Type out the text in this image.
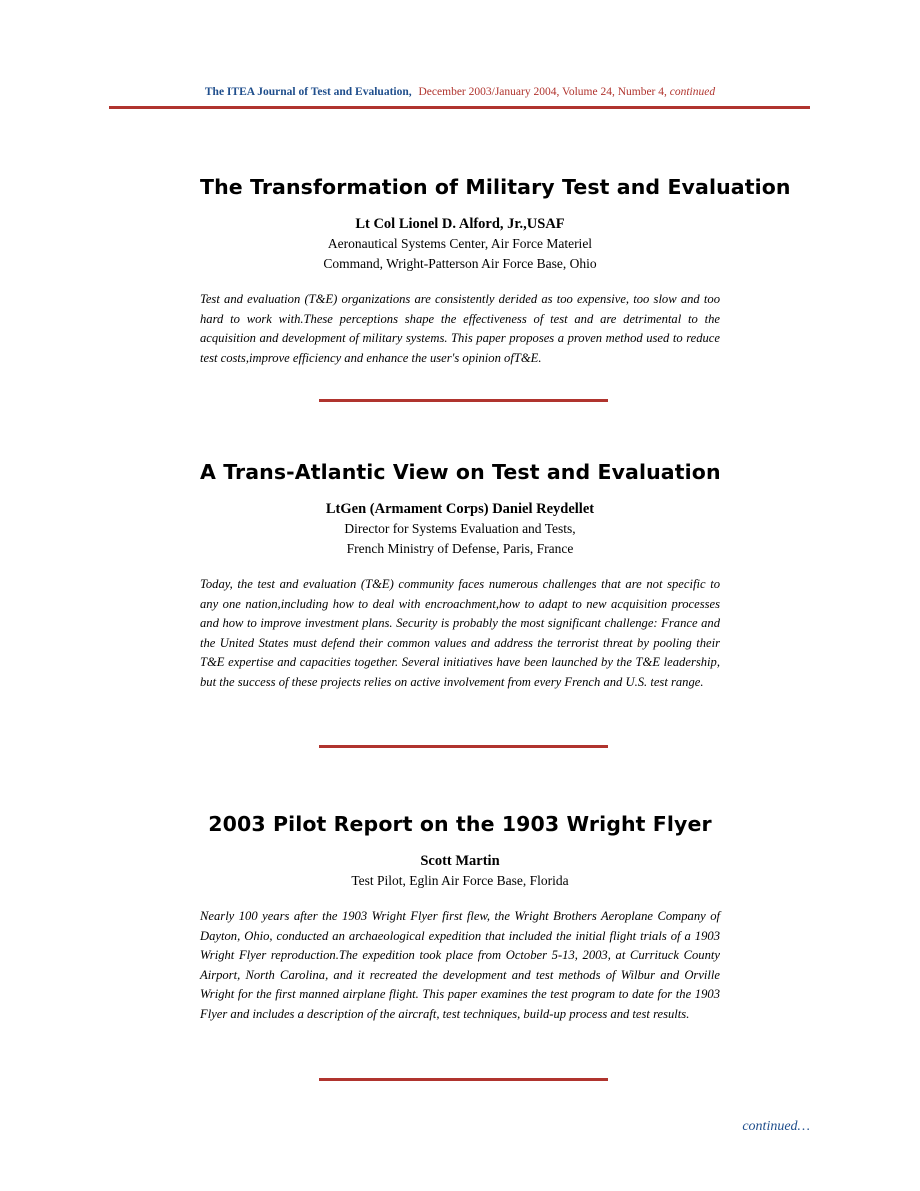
The ITEA Journal of Test and Evaluation, December 2003/January 2004, Volume 24, Number 4, continued
The Transformation of Military Test and Evaluation
Lt Col Lionel D. Alford, Jr.,USAF
Aeronautical Systems Center, Air Force Materiel
Command, Wright-Patterson Air Force Base, Ohio
Test and evaluation (T&E) organizations are consistently derided as too expensive, too slow and too hard to work with.These perceptions shape the effectiveness of test and are detrimental to the acquisition and development of military systems. This paper proposes a proven method used to reduce test costs,improve efficiency and enhance the user's opinion ofT&E.
A Trans-Atlantic View on Test and Evaluation
LtGen (Armament Corps) Daniel Reydellet
Director for Systems Evaluation and Tests,
French Ministry of Defense, Paris, France
Today, the test and evaluation (T&E) community faces numerous challenges that are not specific to any one nation,including how to deal with encroachment,how to adapt to new acquisition processes and how to improve investment plans. Security is probably the most significant challenge: France and the United States must defend their common values and address the terrorist threat by pooling their T&E expertise and capacities together. Several initiatives have been launched by the T&E leadership, but the success of these projects relies on active involvement from every French and U.S. test range.
2003 Pilot Report on the 1903 Wright Flyer
Scott Martin
Test Pilot, Eglin Air Force Base, Florida
Nearly 100 years after the 1903 Wright Flyer first flew, the Wright Brothers Aeroplane Company of Dayton, Ohio, conducted an archaeological expedition that included the initial flight trials of a 1903 Wright Flyer reproduction.The expedition took place from October 5-13, 2003, at Currituck County Airport, North Carolina, and it recreated the development and test methods of Wilbur and Orville Wright for the first manned airplane flight. This paper examines the test program to date for the 1903 Flyer and includes a description of the aircraft, test techniques, build-up process and test results.
continued…
